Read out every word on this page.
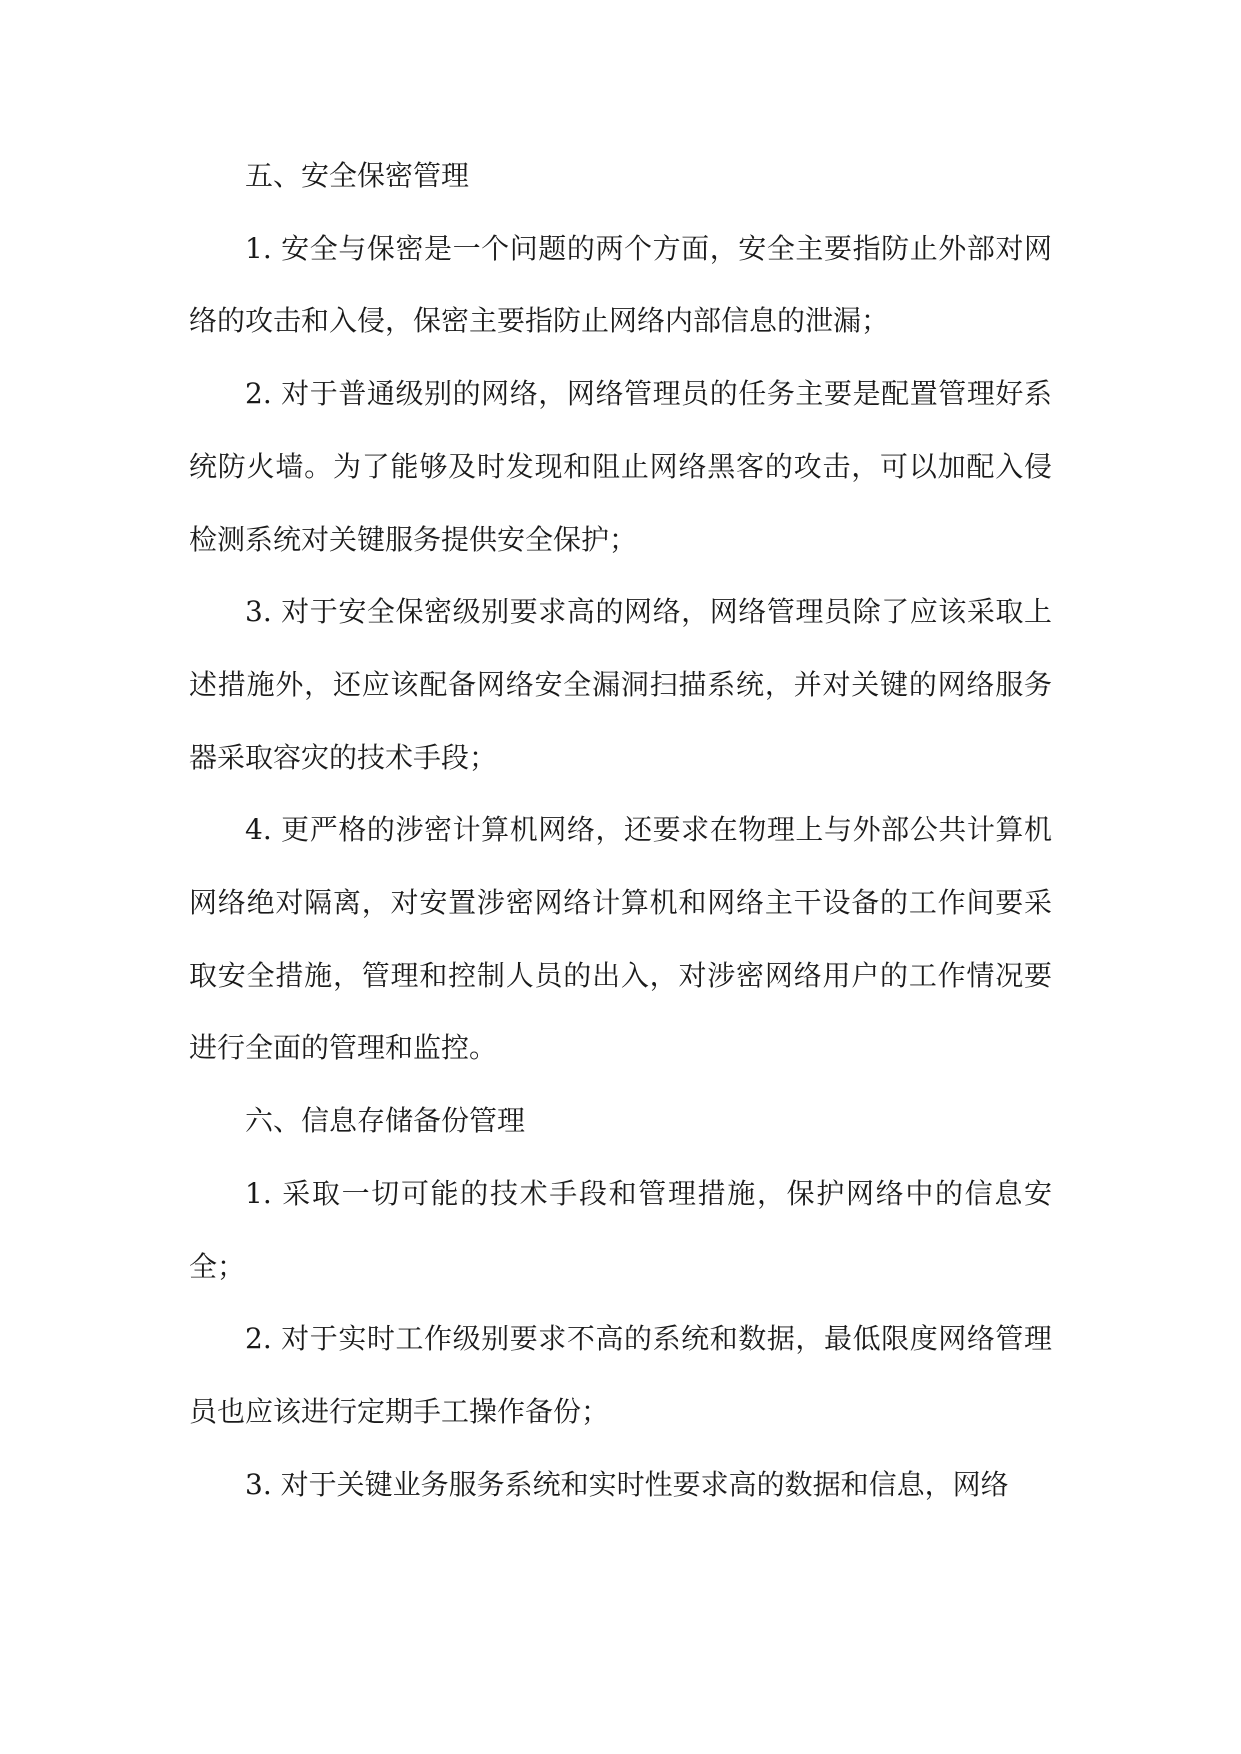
五、安全保密管理

1. 安全与保密是一个问题的两个方面，安全主要指防止外部对网络的攻击和入侵，保密主要指防止网络内部信息的泄漏；

2. 对于普通级别的网络，网络管理员的任务主要是配置管理好系统防火墙。为了能够及时发现和阻止网络黑客的攻击，可以加配入侵检测系统对关键服务提供安全保护；

3. 对于安全保密级别要求高的网络，网络管理员除了应该采取上述措施外，还应该配备网络安全漏洞扫描系统，并对关键的网络服务器采取容灾的技术手段；

4. 更严格的涉密计算机网络，还要求在物理上与外部公共计算机网络绝对隔离，对安置涉密网络计算机和网络主干设备的工作间要采取安全措施，管理和控制人员的出入，对涉密网络用户的工作情况要进行全面的管理和监控。

六、信息存储备份管理

1. 采取一切可能的技术手段和管理措施，保护网络中的信息安全；

2. 对于实时工作级别要求不高的系统和数据，最低限度网络管理员也应该进行定期手工操作备份；

3. 对于关键业务服务系统和实时性要求高的数据和信息，网络
